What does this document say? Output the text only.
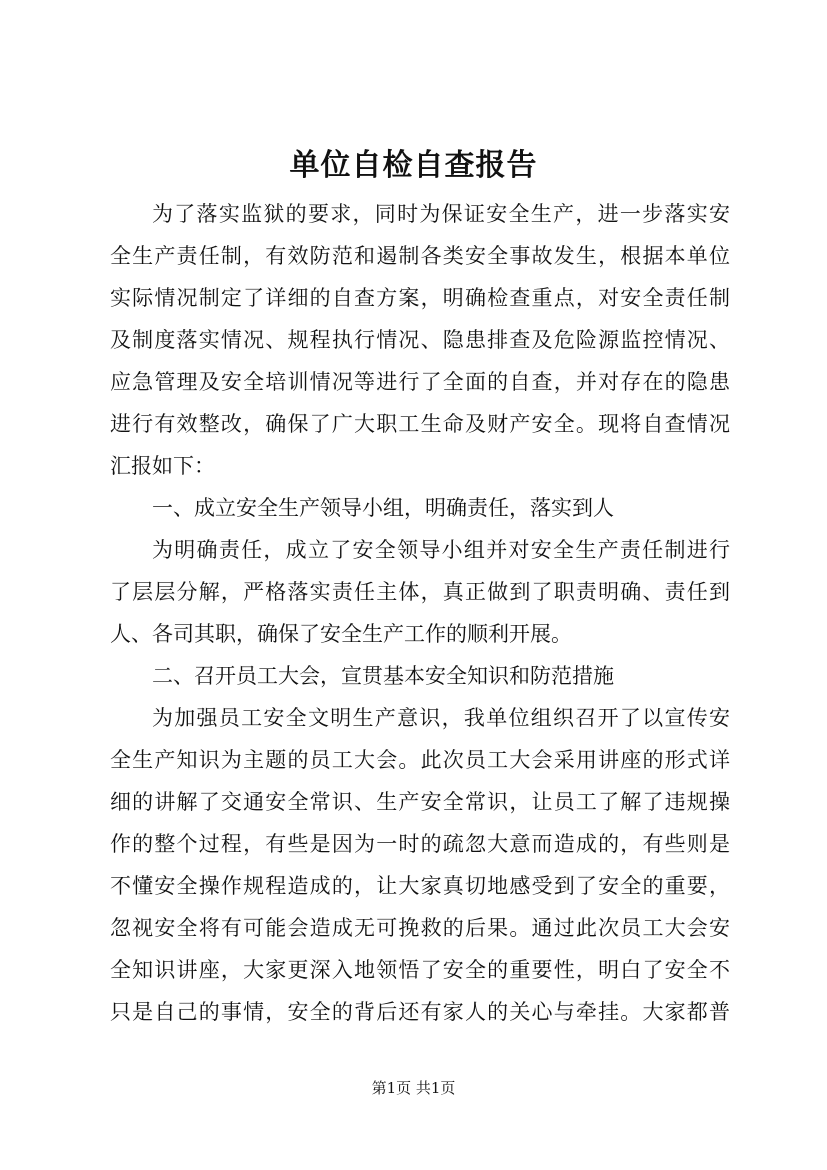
单位自检自查报告
为了落实监狱的要求，同时为保证安全生产，进一步落实安
全生产责任制，有效防范和遏制各类安全事故发生，根据本单位
实际情况制定了详细的自查方案，明确检查重点，对安全责任制
及制度落实情况、规程执行情况、隐患排查及危险源监控情况、
应急管理及安全培训情况等进行了全面的自查，并对存在的隐患
进行有效整改，确保了广大职工生命及财产安全。现将自查情况
汇报如下：
一、成立安全生产领导小组，明确责任，落实到人
为明确责任，成立了安全领导小组并对安全生产责任制进行
了层层分解，严格落实责任主体，真正做到了职责明确、责任到
人、各司其职，确保了安全生产工作的顺利开展。
二、召开员工大会，宣贯基本安全知识和防范措施
为加强员工安全文明生产意识，我单位组织召开了以宣传安
全生产知识为主题的员工大会。此次员工大会采用讲座的形式详
细的讲解了交通安全常识、生产安全常识，让员工了解了违规操
作的整个过程，有些是因为一时的疏忽大意而造成的，有些则是
不懂安全操作规程造成的，让大家真切地感受到了安全的重要，
忽视安全将有可能会造成无可挽救的后果。通过此次员工大会安
全知识讲座，大家更深入地领悟了安全的重要性，明白了安全不
只是自己的事情，安全的背后还有家人的关心与牵挂。大家都普
第1页 共1页
